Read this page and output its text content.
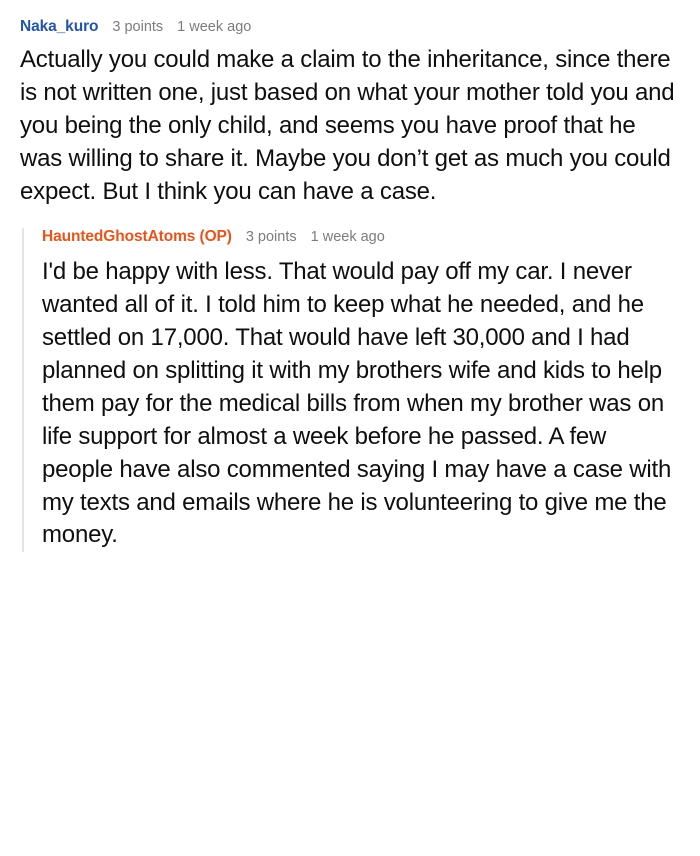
Naka_kuro 3 points 1 week ago
Actually you could make a claim to the inheritance, since there is not written one, just based on what your mother told you and you being the only child, and seems you have proof that he was willing to share it. Maybe you don’t get as much you could expect. But I think you can have a case.
HauntedGhostAtoms (OP) 3 points 1 week ago
I'd be happy with less. That would pay off my car. I never wanted all of it. I told him to keep what he needed, and he settled on 17,000. That would have left 30,000 and I had planned on splitting it with my brothers wife and kids to help them pay for the medical bills from when my brother was on life support for almost a week before he passed. A few people have also commented saying I may have a case with my texts and emails where he is volunteering to give me the money.
